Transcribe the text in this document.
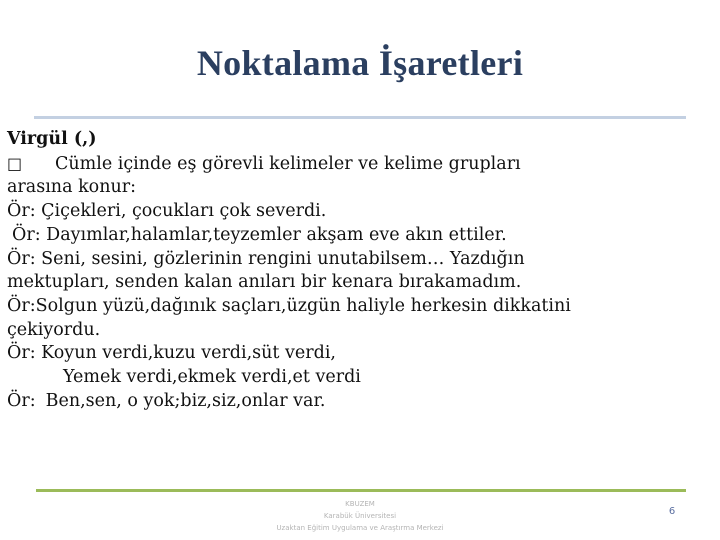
Noktalama İşaretleri
Virgül (,)
□ Cümle içinde eş görevli kelimeler ve kelime grupları
arasına konur:
Ör: Çiçekleri, çocukları çok severdi.
Ör: Dayımlar,halamlar,teyzemler akşam eve akın ettiler.
Ör: Seni, sesini, gözlerinin rengini unutabilsem… Yazdığın
mektupları, senden kalan anıları bir kenara bırakamadım.
Ör:Solgun yüzü,dağınık saçları,üzgün haliyle herkesin dikkatini
çekiyordu.
Ör: Koyun verdi,kuzu verdi,süt verdi,
Yemek verdi,ekmek verdi,et verdi
Ör: Ben,sen, o yok;biz,siz,onlar var.
KBUZEM
Karabük Üniversitesi
Uzaktan Eğitim Uygulama ve Araştırma Merkezi
6
